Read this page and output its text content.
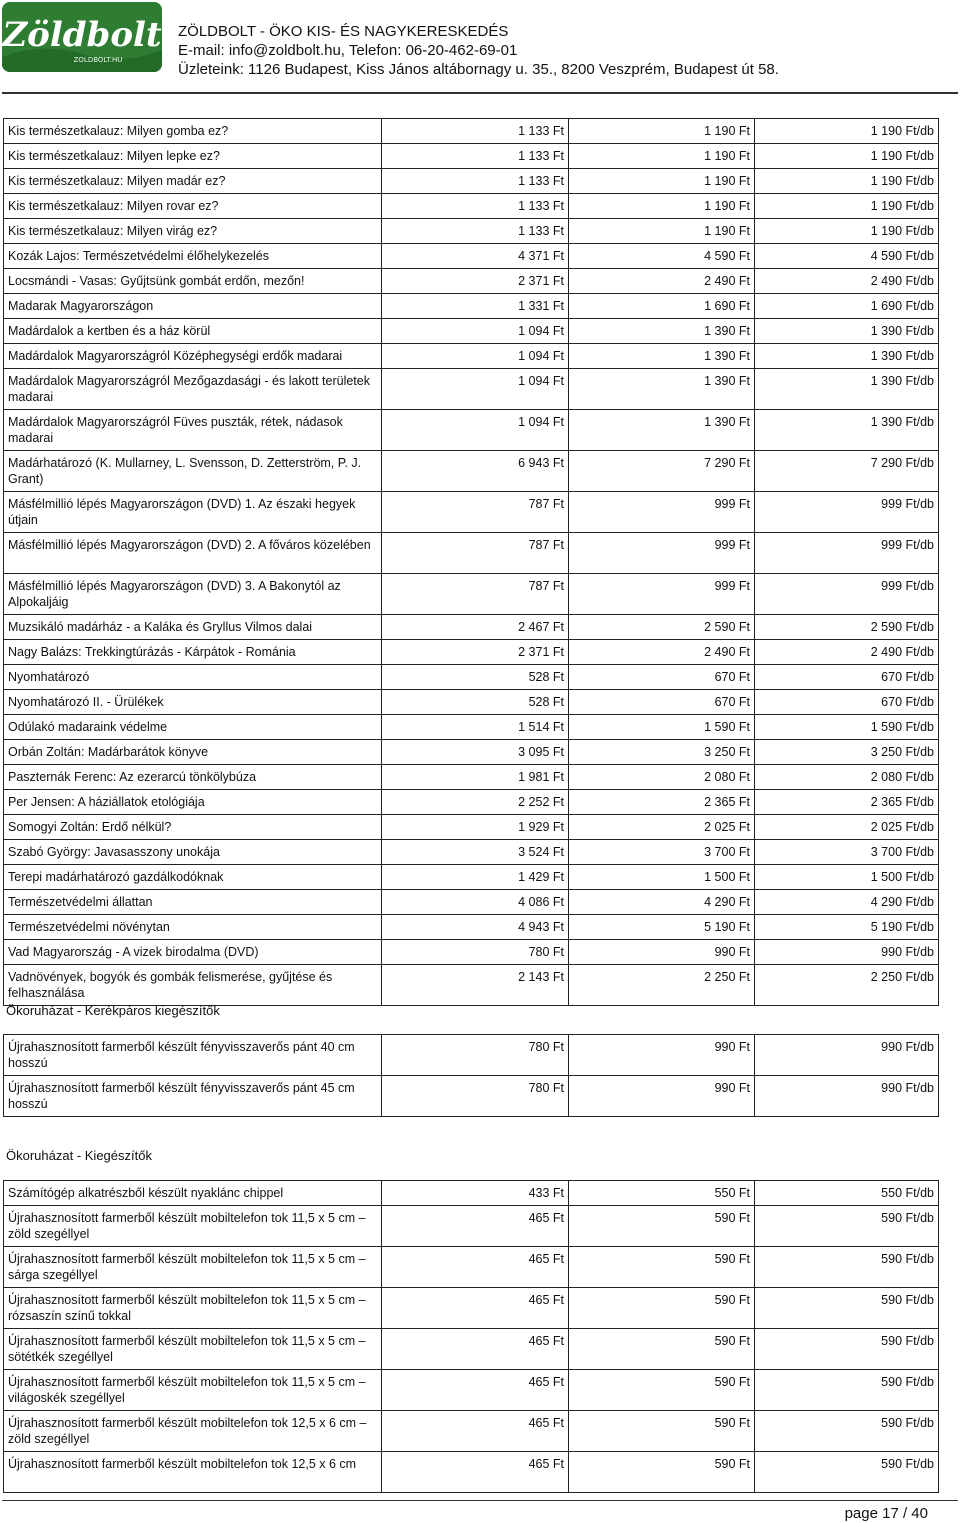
Zöldbolt
ZOLDBOLT.HU
ZÖLDBOLT - ÖKO KIS- ÉS NAGYKERESKEDÉS
E-mail: info@zoldbolt.hu, Telefon: 06-20-462-69-01
Üzleteink: 1126 Budapest, Kiss János altábornagy u. 35., 8200 Veszprém, Budapest út 58.
Kis természetkalauz: Milyen gomba ez?	1 133 Ft	1 190 Ft	1 190 Ft/db
Kis természetkalauz: Milyen lepke ez?	1 133 Ft	1 190 Ft	1 190 Ft/db
Kis természetkalauz: Milyen madár ez?	1 133 Ft	1 190 Ft	1 190 Ft/db
Kis természetkalauz: Milyen rovar ez?	1 133 Ft	1 190 Ft	1 190 Ft/db
Kis természetkalauz: Milyen virág ez?	1 133 Ft	1 190 Ft	1 190 Ft/db
Kozák Lajos: Természetvédelmi élőhelykezelés	4 371 Ft	4 590 Ft	4 590 Ft/db
Locsmándi - Vasas: Gyűjtsünk gombát erdőn, mezőn!	2 371 Ft	2 490 Ft	2 490 Ft/db
Madarak Magyarországon	1 331 Ft	1 690 Ft	1 690 Ft/db
Madárdalok a kertben és a ház körül	1 094 Ft	1 390 Ft	1 390 Ft/db
Madárdalok Magyarországról Középhegységi erdők madarai	1 094 Ft	1 390 Ft	1 390 Ft/db
Madárdalok Magyarországról Mezőgazdasági - és lakott területek madarai	1 094 Ft	1 390 Ft	1 390 Ft/db
Madárdalok Magyarországról Füves puszták, rétek, nádasok madarai	1 094 Ft	1 390 Ft	1 390 Ft/db
Madárhatározó (K. Mullarney, L. Svensson, D. Zetterström, P. J. Grant)	6 943 Ft	7 290 Ft	7 290 Ft/db
Másfélmillió lépés Magyarországon (DVD) 1. Az északi hegyek útjain	787 Ft	999 Ft	999 Ft/db
Másfélmillió lépés Magyarországon (DVD) 2. A főváros közelében	787 Ft	999 Ft	999 Ft/db
Másfélmillió lépés Magyarországon (DVD) 3. A Bakonytól az Alpokaljáig	787 Ft	999 Ft	999 Ft/db
Muzsikáló madárház - a Kaláka és Gryllus Vilmos dalai	2 467 Ft	2 590 Ft	2 590 Ft/db
Nagy Balázs: Trekkingtúrázás - Kárpátok - Románia	2 371 Ft	2 490 Ft	2 490 Ft/db
Nyomhatározó	528 Ft	670 Ft	670 Ft/db
Nyomhatározó II. - Ürülékek	528 Ft	670 Ft	670 Ft/db
Odúlakó madaraink védelme	1 514 Ft	1 590 Ft	1 590 Ft/db
Orbán Zoltán: Madárbarátok könyve	3 095 Ft	3 250 Ft	3 250 Ft/db
Paszternák Ferenc: Az ezerarcú tönkölybúza	1 981 Ft	2 080 Ft	2 080 Ft/db
Per Jensen: A háziállatok etológiája	2 252 Ft	2 365 Ft	2 365 Ft/db
Somogyi Zoltán: Erdő nélkül?	1 929 Ft	2 025 Ft	2 025 Ft/db
Szabó György: Javasasszony unokája	3 524 Ft	3 700 Ft	3 700 Ft/db
Terepi madárhatározó gazdálkodóknak	1 429 Ft	1 500 Ft	1 500 Ft/db
Természetvédelmi állattan	4 086 Ft	4 290 Ft	4 290 Ft/db
Természetvédelmi növénytan	4 943 Ft	5 190 Ft	5 190 Ft/db
Vad Magyarország - A vizek birodalma (DVD)	780 Ft	990 Ft	990 Ft/db
Vadnövények, bogyók és gombák felismerése, gyűjtése és felhasználása	2 143 Ft	2 250 Ft	2 250 Ft/db
Ökoruházat - Kerékpáros kiegészítők
Újrahasznosított farmerből készült fényvisszaverős pánt 40 cm hosszú	780 Ft	990 Ft	990 Ft/db
Újrahasznosított farmerből készült fényvisszaverős pánt 45 cm hosszú	780 Ft	990 Ft	990 Ft/db
Ökoruházat - Kiegészítők
Számítógép alkatrészből készült nyaklánc chippel	433 Ft	550 Ft	550 Ft/db
Újrahasznosított farmerből készült mobiltelefon tok 11,5 x 5 cm – zöld szegéllyel	465 Ft	590 Ft	590 Ft/db
Újrahasznosított farmerből készült mobiltelefon tok 11,5 x 5 cm – sárga szegéllyel	465 Ft	590 Ft	590 Ft/db
Újrahasznosított farmerből készült mobiltelefon tok 11,5 x 5 cm – rózsaszín színű tokkal	465 Ft	590 Ft	590 Ft/db
Újrahasznosított farmerből készült mobiltelefon tok 11,5 x 5 cm – sötétkék szegéllyel	465 Ft	590 Ft	590 Ft/db
Újrahasznosított farmerből készült mobiltelefon tok 11,5 x 5 cm – világoskék szegéllyel	465 Ft	590 Ft	590 Ft/db
Újrahasznosított farmerből készült mobiltelefon tok 12,5 x 6 cm – zöld szegéllyel	465 Ft	590 Ft	590 Ft/db
Újrahasznosított farmerből készült mobiltelefon tok 12,5 x 6 cm	465 Ft	590 Ft	590 Ft/db
page 17 / 40
